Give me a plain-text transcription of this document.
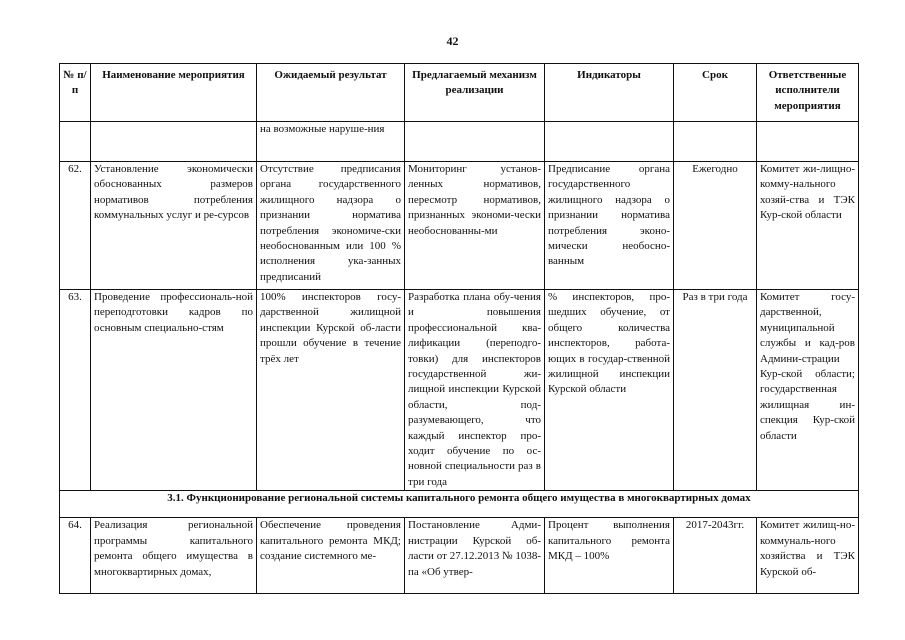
42
№ п/п	Наименование мероприятия	Ожидаемый результат	Предлагаемый механизм реализации	Индикаторы	Срок	Ответственные исполнители мероприятия
		на возможные наруше-ния				
62.	Установление экономически обоснованных размеров нормативов потребления коммунальных услуг и ре-сурсов	Отсутствие предписания органа государственного жилищного надзора о признании норматива потребления экономиче-ски необоснованным или 100 % исполнения ука-занных предписаний	Мониторинг установ-ленных нормативов, пересмотр нормативов, признанных экономи-чески необоснованны-ми	Предписание органа государственного жилищного надзора о признании норматива потребления эконо-мически необосно-ванным	Ежегодно	Комитет жи-лищно-комму-нального хозяй-ства и ТЭК Кур-ской области
63.	Проведение профессиональ-ной переподготовки кадров по основным специально-стям	100% инспекторов госу-дарственной жилищной инспекции Курской об-ласти прошли обучение в течение трёх лет	Разработка плана обу-чения и повышения профессиональной ква-лификации (переподго-товки) для инспекторов государственной жи-лищной инспекции Курской области, под-разумевающего, что каждый инспектор про-ходит обучение по ос-новной специальности раз в три года	% инспекторов, про-шедших обучение, от общего количества инспекторов, работа-ющих в государ-ственной жилищной инспекции Курской области	Раз в три года	Комитет госу-дарственной, муниципальной службы и кад-ров Админи-страции Кур-ской области; государственная жилищная ин-спекция Кур-ской области
3.1. Функционирование региональной системы капитального ремонта общего имущества в многоквартирных домах						
64.	Реализация региональной программы капитального ремонта общего имущества в многоквартирных домах,	Обеспечение проведения капитального ремонта МКД; создание системного ме-	Постановление Адми-нистрации Курской об-ласти от 27.12.2013 № 1038-па «Об утвер-	Процент выполнения капитального ремонта МКД – 100%	2017-2043гг.	Комитет жилищ-но-коммуналь-ного хозяйства и ТЭК Курской об-
